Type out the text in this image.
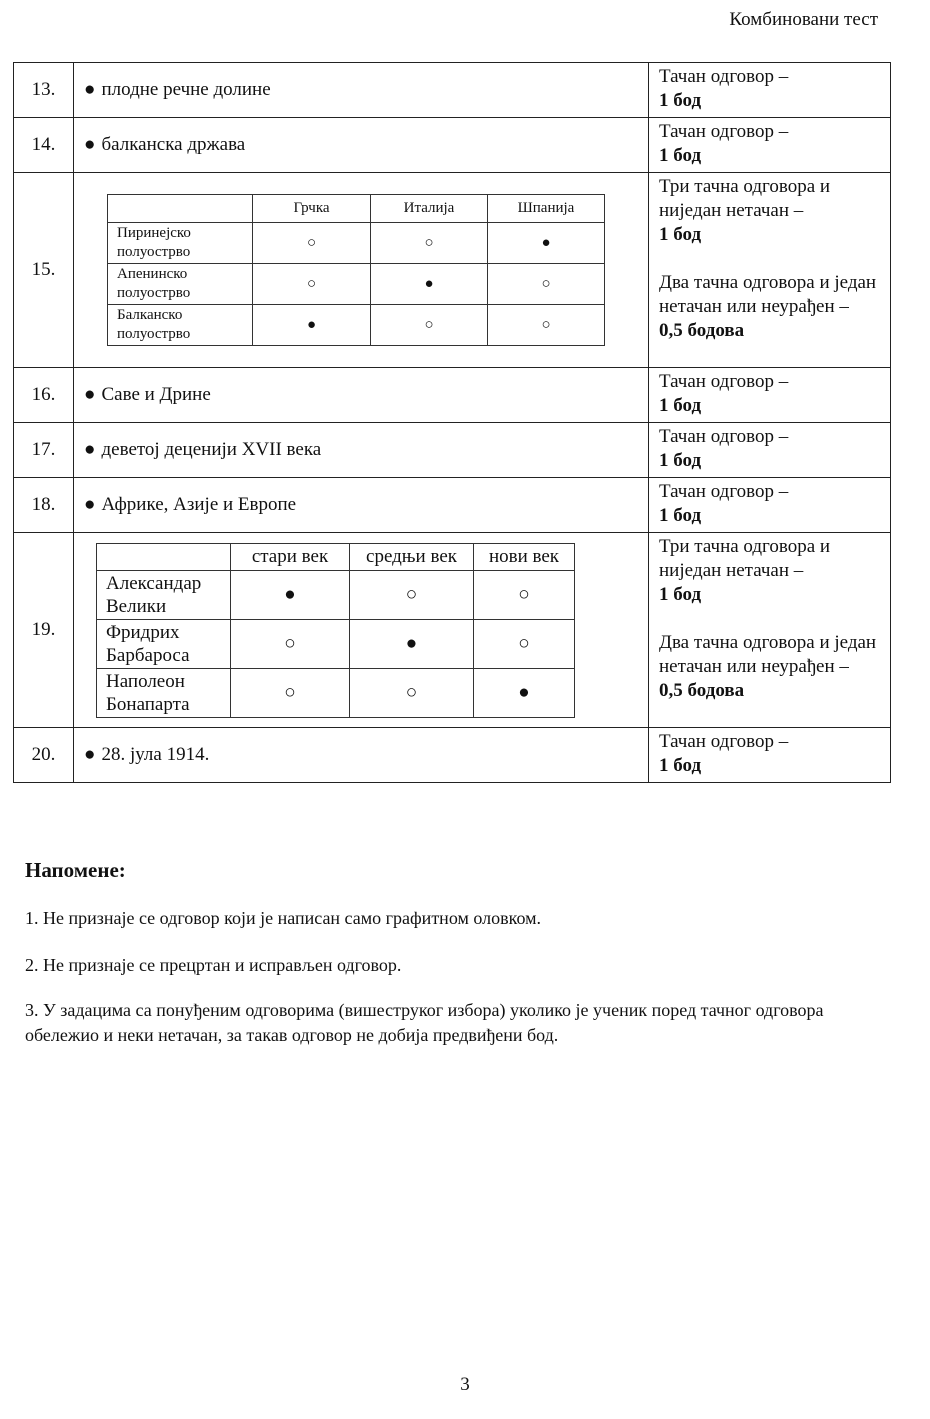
Комбиновани тест
13.	● плодне речне долине	
Тачан одговор –
1 бод

14.	● балканска држава	
Тачан одговор –
1 бод

15.	
	Грчка	Италија	Шпанија
Пиринејско полуострво	○	○	●
Апенинско полуострво	○	●	○
Балканско полуострво	●	○	○

Три тачна одговора и нијeдан нетачан –
1 бод
Два тачна одговора и један нетачан или неурађен –
0,5 бодова

16.	● Саве и Дрине	
Тачан одговор –
1 бод

17.	● деветој деценији XVII века	
Тачан одговор –
1 бод

18.	● Африке, Азије и Европе	
Тачан одговор –
1 бод

19.	
	стари век	средњи век	нови век
Александар Велики	●	○	○
Фридрих Барбароса	○	●	○
Наполеон Бонапарта	○	○	●

Три тачна одговора и нијeдан нетачан –
1 бод
Два тачна одговора и један нетачан или неурађен –
0,5 бодова

20.	● 28. јула 1914.	
Тачан одговор –
1 бод
Напомене:
1. Не признаје се одговор који је написан само графитном оловком.
2. Не признаје се прецртан и исправљен одговор.
3. У задацима са понуђеним одговорима (вишеструког избора) уколико је ученик поред тачног одговора обележио и неки нетачан, за такав одговор не добија предвиђени бод.
3
